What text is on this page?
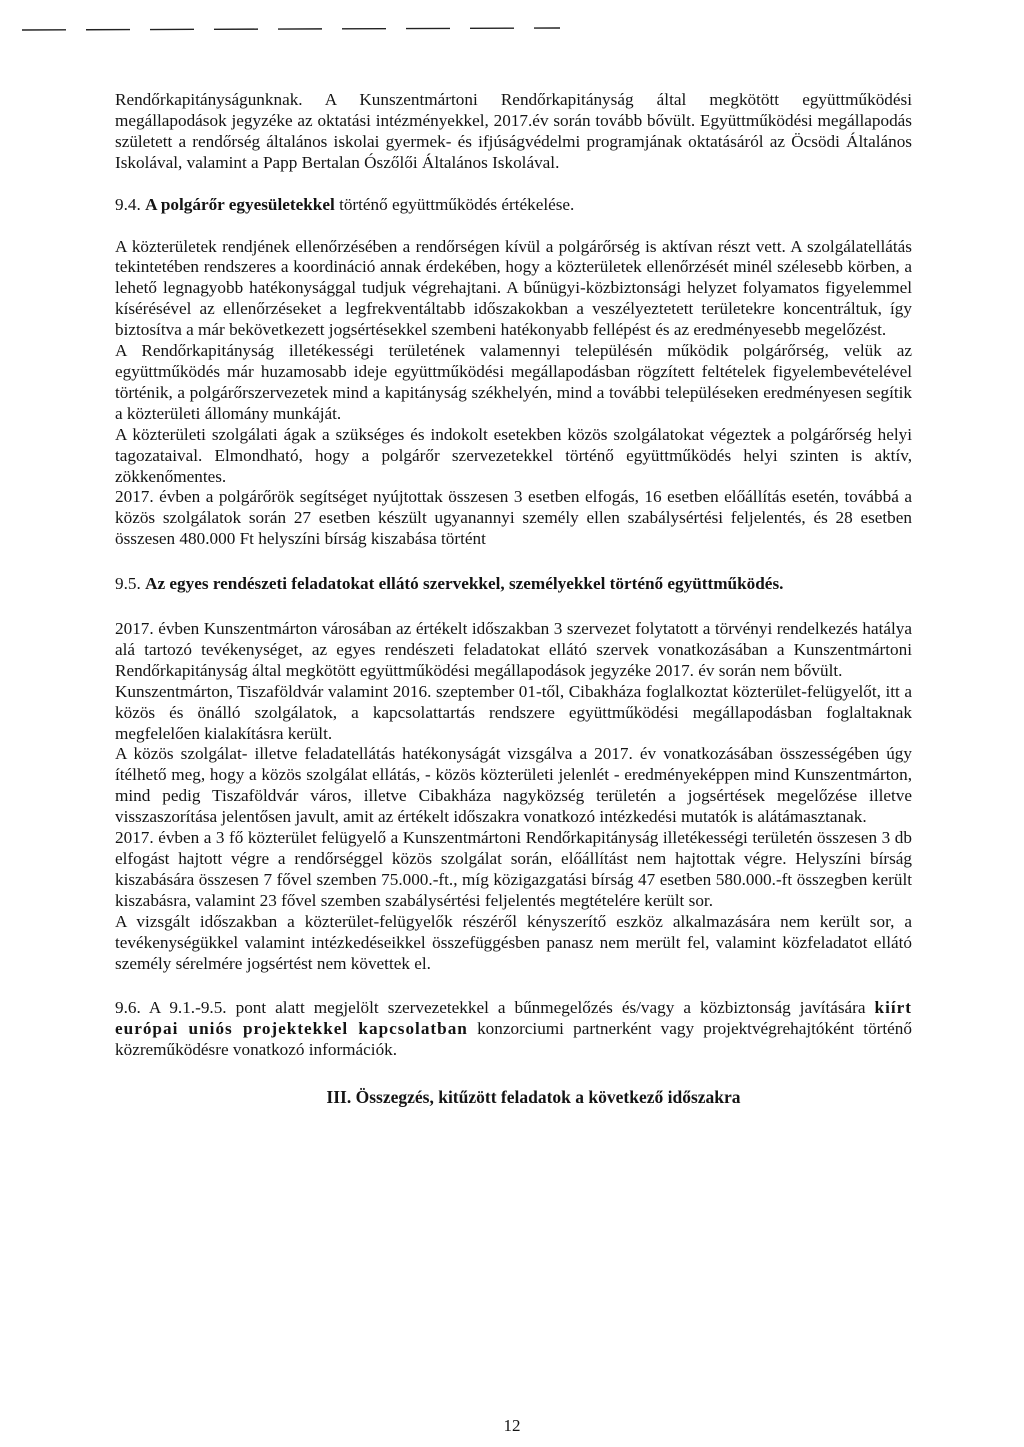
Rendőrkapitányságunknak. A Kunszentmártoni Rendőrkapitányság által megkötött együttműködési megállapodások jegyzéke az oktatási intézményekkel, 2017.év során tovább bővült. Együttműködési megállapodás született a rendőrség általános iskolai gyermek- és ifjúságvédelmi programjának oktatásáról az Öcsödi Általános Iskolával, valamint a Papp Bertalan Ószőlői Általános Iskolával.

9.4. A polgárőr egyesületekkel történő együttműködés értékelése.

A közterületek rendjének ellenőrzésében a rendőrségen kívül a polgárőrség is aktívan részt vett. A szolgálatellátás tekintetében rendszeres a koordináció annak érdekében, hogy a közterületek ellenőrzését minél szélesebb körben, a lehető legnagyobb hatékonysággal tudjuk végrehajtani. A bűnügyi-közbiztonsági helyzet folyamatos figyelemmel kísérésével az ellenőrzéseket a legfrekventáltabb időszakokban a veszélyeztetett területekre koncentráltuk, így biztosítva a már bekövetkezett jogsértésekkel szembeni hatékonyabb fellépést és az eredményesebb megelőzést.

A Rendőrkapitányság illetékességi területének valamennyi településén működik polgárőrség, velük az együttműködés már huzamosabb ideje együttműködési megállapodásban rögzített feltételek figyelembevételével történik, a polgárőrszervezetek mind a kapitányság székhelyén, mind a további településeken eredményesen segítik a közterületi állomány munkáját.

A közterületi szolgálati ágak a szükséges és indokolt esetekben közös szolgálatokat végeztek a polgárőrség helyi tagozataival. Elmondható, hogy a polgárőr szervezetekkel történő együttműködés helyi szinten is aktív, zökkenőmentes.

2017. évben a polgárőrök segítséget nyújtottak összesen 3 esetben elfogás, 16 esetben előállítás esetén, továbbá a közös szolgálatok során 27 esetben készült ugyanannyi személy ellen szabálysértési feljelentés, és 28 esetben összesen 480.000 Ft helyszíni bírság kiszabása történt

9.5. Az egyes rendészeti feladatokat ellátó szervekkel, személyekkel történő együttműködés.

2017. évben Kunszentmárton városában az értékelt időszakban 3 szervezet folytatott a törvényi rendelkezés hatálya alá tartozó tevékenységet, az egyes rendészeti feladatokat ellátó szervek vonatkozásában a Kunszentmártoni Rendőrkapitányság által megkötött együttműködési megállapodások jegyzéke 2017. év során nem bővült.

Kunszentmárton, Tiszaföldvár valamint 2016. szeptember 01-től, Cibakháza foglalkoztat közterület-felügyelőt, itt a közös és önálló szolgálatok, a kapcsolattartás rendszere együttműködési megállapodásban foglaltaknak megfelelően kialakításra került.

A közös szolgálat- illetve feladatellátás hatékonyságát vizsgálva a 2017. év vonatkozásában összességében úgy ítélhető meg, hogy a közös szolgálat ellátás, - közös közterületi jelenlét - eredményeképpen mind Kunszentmárton, mind pedig Tiszaföldvár város, illetve Cibakháza nagyközség területén a jogsértések megelőzése illetve visszaszorítása jelentősen javult, amit az értékelt időszakra vonatkozó intézkedési mutatók is alátámasztanak.

2017. évben a 3 fő közterület felügyelő a Kunszentmártoni Rendőrkapitányság illetékességi területén összesen 3 db elfogást hajtott végre a rendőrséggel közös szolgálat során, előállítást nem hajtottak végre. Helyszíni bírság kiszabására összesen 7 fővel szemben 75.000.-ft., míg közigazgatási bírság 47 esetben 580.000.-ft összegben került kiszabásra, valamint 23 fővel szemben szabálysértési feljelentés megtételére került sor.

A vizsgált időszakban a közterület-felügyelők részéről kényszerítő eszköz alkalmazására nem került sor, a tevékenységükkel valamint intézkedéseikkel összefüggésben panasz nem merült fel, valamint közfeladatot ellátó személy sérelmére jogsértést nem követtek el.

9.6. A 9.1.-9.5. pont alatt megjelölt szervezetekkel a bűnmegelőzés és/vagy a közbiztonság javítására kiírt európai uniós projektekkel kapcsolatban konzorciumi partnerként vagy projektvégrehajtóként történő közreműködésre vonatkozó információk.

III. Összegzés, kitűzött feladatok a következő időszakra

12
